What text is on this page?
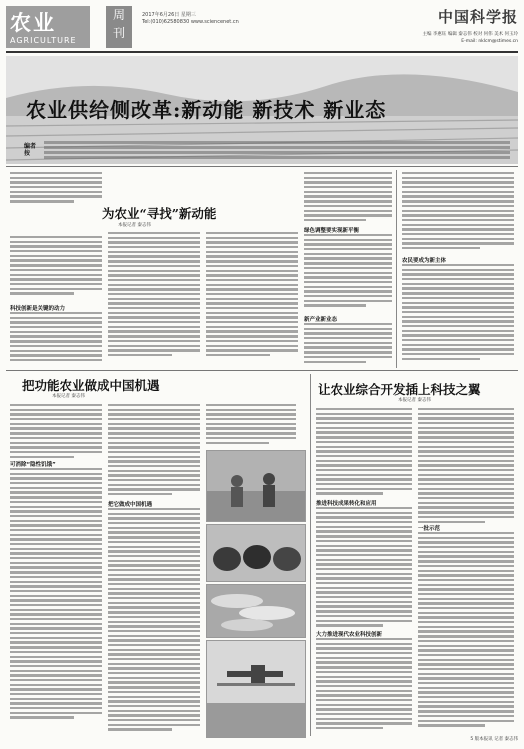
农业
AGRICULTURE
周
刊
2017年6月26日 星期三
Tel:(010)62580830 www.sciencenet.cn	中国科学报
主编 李惠钰 编辑 秦志伟 校对 何伟 美术 何玉玲
E-mail: nklcm@stimes.cn
农业供给侧改革:新动能 新技术 新业态
编者按
为农业“寻找”新动能
本报记者 秦志伟
科技创新是关键的动力
绿色调整要实现新平衡
新产业新业态
农民要成为新主体
把功能农业做成中国机遇
本报记者 秦志伟
可消除“隐性饥饿”
把它做成中国机遇
让农业综合开发插上科技之翼
本报记者 秦志伟
推进科技成果转化和应用
大力推进现代农业科技创新
一批示范
5 版本报讯 记者 秦志伟
